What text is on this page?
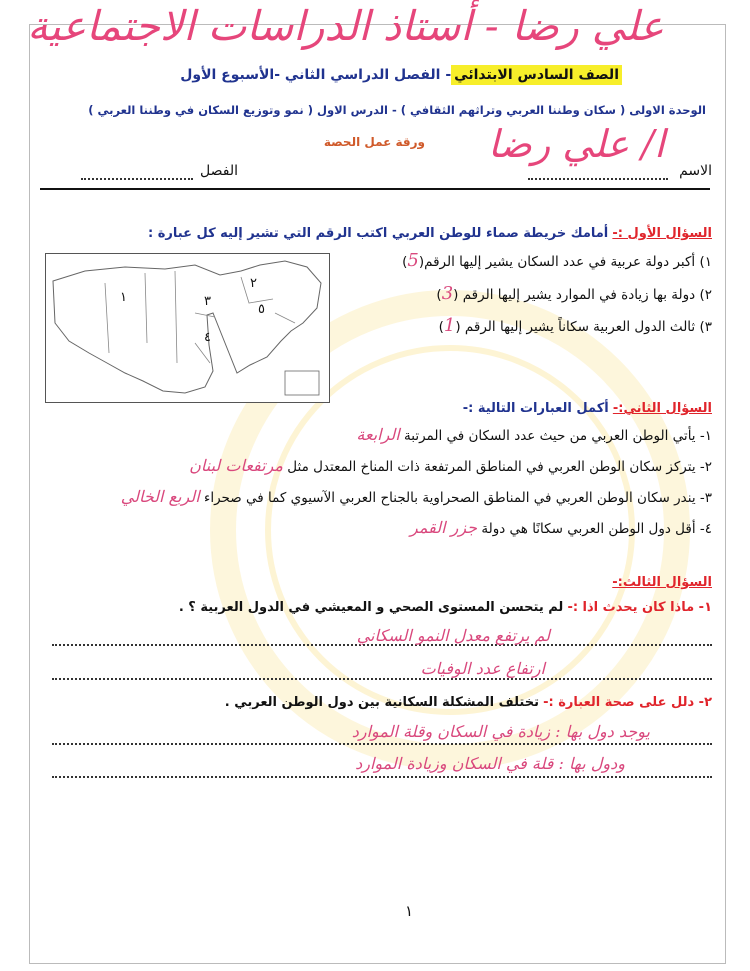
علي رضا - أستاذ الدراسات الاجتماعية
الصف السادس الابتدائي- الفصل الدراسي الثاني -الأسبوع الأول
الوحدة الاولى ( سكان وطننا العربي وتراثهم الثقافي ) - الدرس الاول ( نمو وتوزيع السكان في وطننا العربي )
ورقة عمل الحصة ا/ علي رضا
الاسم
الفصل
السؤال الأول :- أمامك خريطة صماء للوطن العربي اكتب الرقم التي تشير إليه كل عبارة :
١) أكبر دولة عربية في عدد السكان يشير إليها الرقم(5)
٢) دولة بها زيادة في الموارد يشير إليها الرقم (3)
٣) ثالث الدول العربية سكاناً يشير إليها الرقم (1)
١
٢
٣
٤
٥
السؤال الثاني:- أكمل العبارات التالية :-
١- يأتي الوطن العربي من حيث عدد السكان في المرتبة الرابعة
٢- يتركز سكان الوطن العربي في المناطق المرتفعة ذات المناخ المعتدل مثل مرتفعات لبنان
٣- يندر سكان الوطن العربي في المناطق الصحراوية بالجناح العربي الآسيوي كما في صحراء الربع الخالي
٤- أقل دول الوطن العربي سكانًا هي دولة جزر القمر
السؤال الثالث:-
١- ماذا كان يحدث اذا :- لم يتحسن المستوى الصحي و المعيشي في الدول العربية ؟ .
لم يرتفع معدل النمو السكاني
ارتفاع عدد الوفيات
٢- دلل على صحة العبارة :- تختلف المشكلة السكانية بين دول الوطن العربي .
يوجد دول بها : زيادة في السكان وقلة الموارد
ودول بها : قلة في السكان وزيادة الموارد
١
